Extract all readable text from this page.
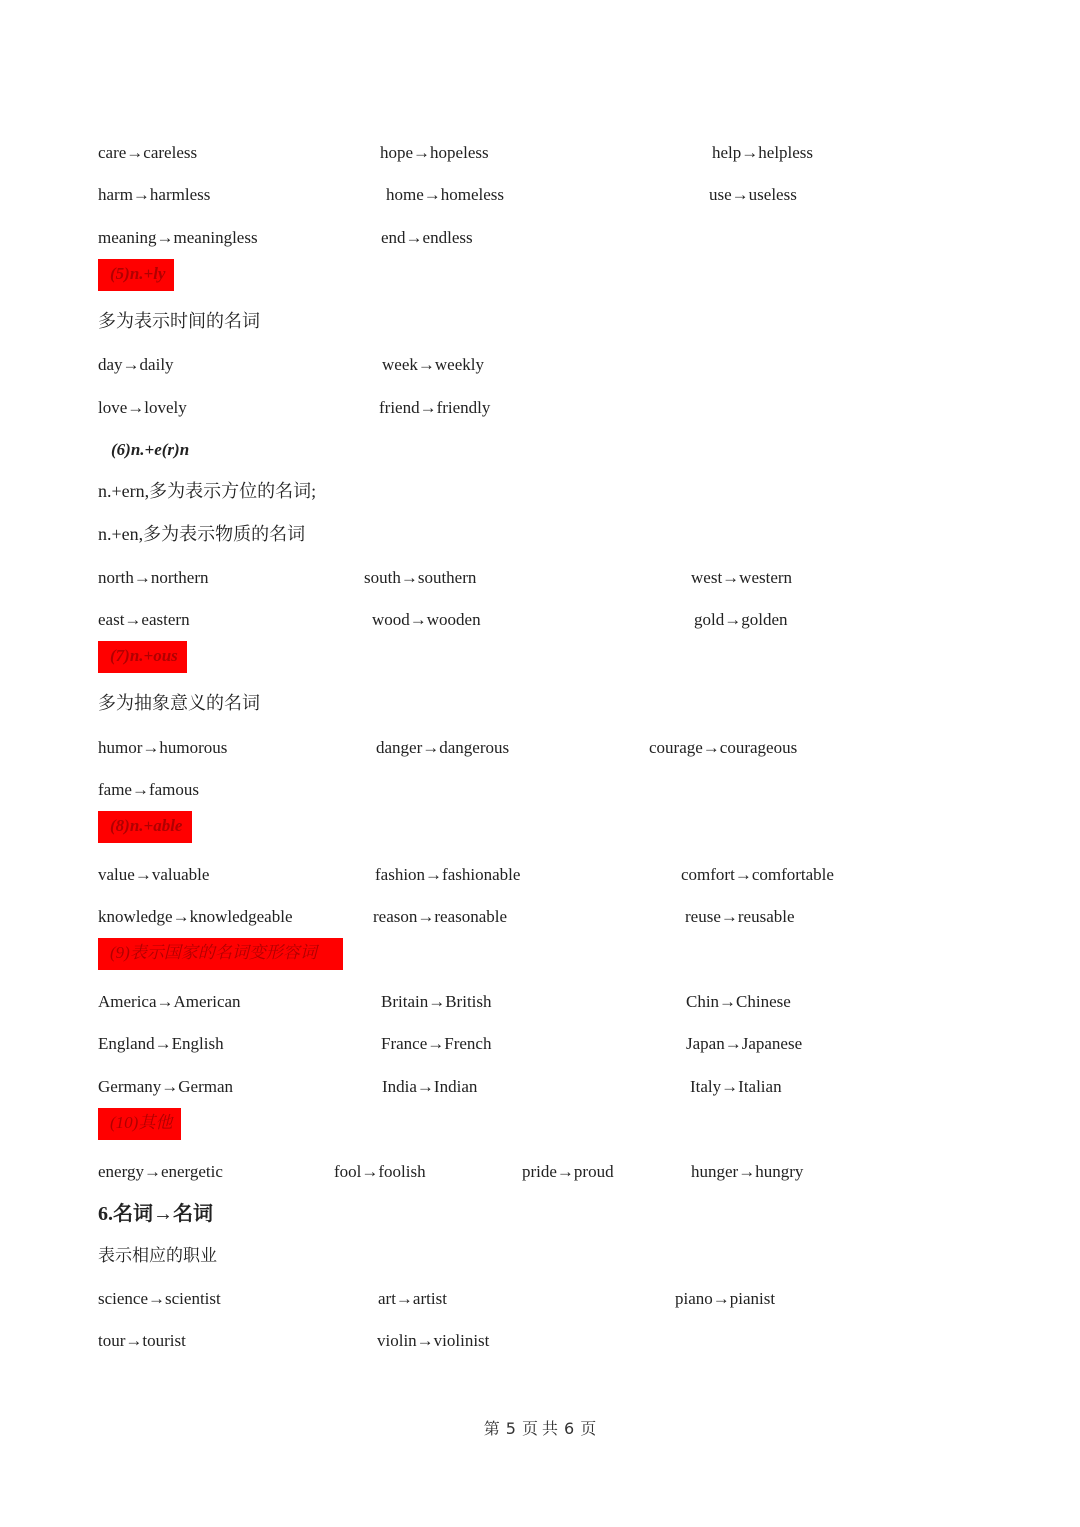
care→careless	hope→hopeless	help→helpless
harm→harmless	home→homeless	use→useless
meaning→meaningless	end→endless
(5)n.+ly
多为表示时间的名词
day→daily	week→weekly
love→lovely	friend→friendly
(6)n.+e(r)n
n.+ern,多为表示方位的名词;
n.+en,多为表示物质的名词
north→northern	south→southern	west→western
east→eastern	wood→wooden	gold→golden
(7)n.+ous
多为抽象意义的名词
humor→humorous	danger→dangerous	courage→courageous
fame→famous
(8)n.+able
value→valuable	fashion→fashionable	comfort→comfortable
knowledge→knowledgeable	reason→reasonable	reuse→reusable
(9)表示国家的名词变形容词
America→American	Britain→British	Chin→Chinese
England→English	France→French	Japan→Japanese
Germany→German	India→Indian	Italy→Italian
(10)其他
energy→energetic	fool→foolish	pride→proud	hunger→hungry
6.名词→名词
表示相应的职业
science→scientist	art→artist	piano→pianist
tour→tourist	violin→violinist
第 5 页 共 6 页
